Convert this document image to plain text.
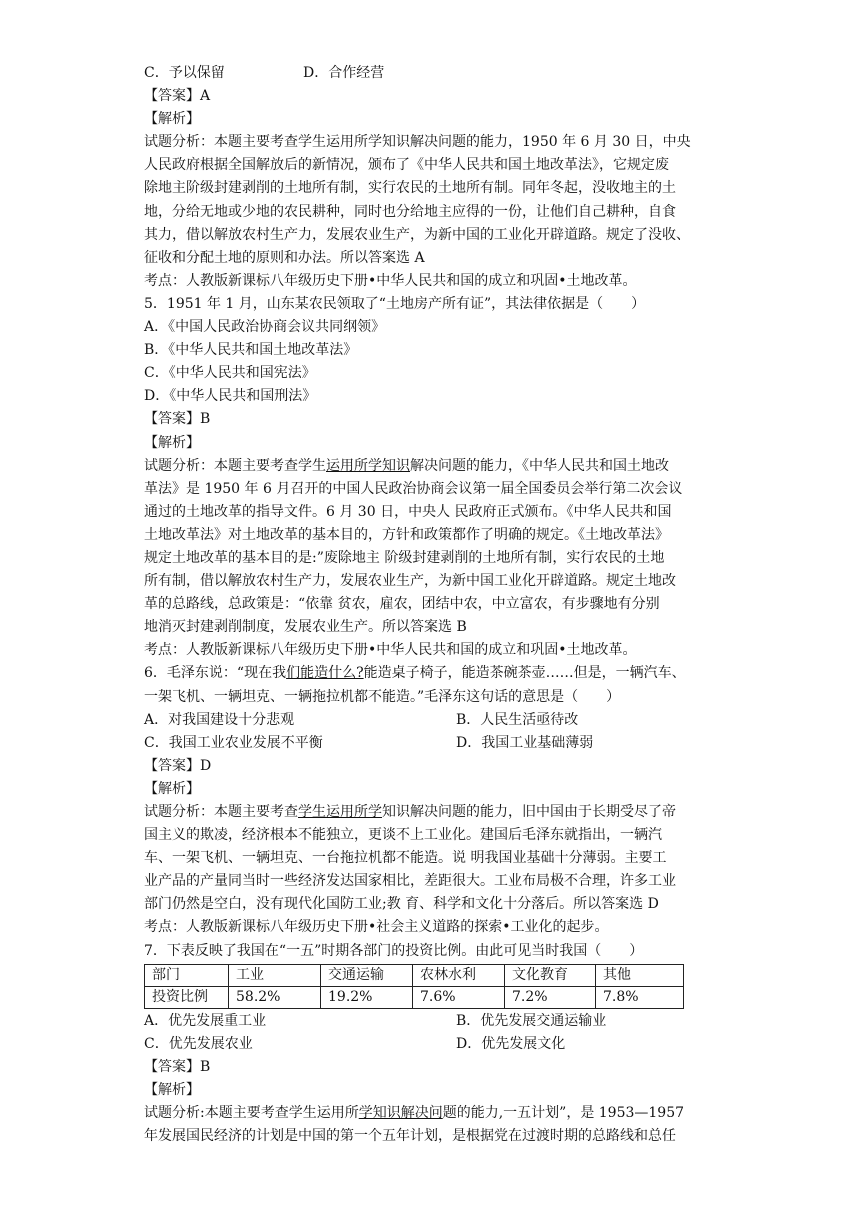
C．予以保留	D．合作经营

【答案】A

【解析】

试题分析：本题主要考查学生运用所学知识解决问题的能力，1950 年 6 月 30 日，中央

人民政府根据全国解放后的新情况，颁布了《中华人民共和国土地改革法》，它规定废

除地主阶级封建剥削的土地所有制，实行农民的土地所有制。同年冬起，没收地主的土

地，分给无地或少地的农民耕种，同时也分给地主应得的一份，让他们自己耕种，自食

其力，借以解放农村生产力，发展农业生产，为新中国的工业化开辟道路。规定了没收、

征收和分配土地的原则和办法。所以答案选 A

考点：人教版新课标八年级历史下册•中华人民共和国的成立和巩固•土地改革。

5．1951 年 1 月，山东某农民领取了“土地房产所有证”，其法律依据是（　　）

A．《中国人民政治协商会议共同纲领》

B．《中华人民共和国土地改革法》

C．《中华人民共和国宪法》

D．《中华人民共和国刑法》

【答案】B

【解析】

试题分析：本题主要考查学生运用所学知识解决问题的能力，《中华人民共和国土地改

革法》是 1950 年 6 月召开的中国人民政治协商会议第一届全国委员会举行第二次会议

通过的土地改革的指导文件。6 月 30 日，中央人 民政府正式颁布。《中华人民共和国

土地改革法》对土地改革的基本目的，方针和政策都作了明确的规定。《土地改革法》

规定土地改革的基本目的是:”废除地主 阶级封建剥削的土地所有制，实行农民的土地

所有制，借以解放农村生产力，发展农业生产，为新中国工业化开辟道路。规定土地改

革的总路线，总政策是：“依靠 贫农，雇农，团结中农，中立富农，有步骤地有分别

地消灭封建剥削制度，发展农业生产。所以答案选 B

考点：人教版新课标八年级历史下册•中华人民共和国的成立和巩固•土地改革。

6．毛泽东说：“现在我们能造什么?能造桌子椅子，能造茶碗茶壶……但是，一辆汽车、

一架飞机、一辆坦克、一辆拖拉机都不能造。”毛泽东这句话的意思是（　　）

A．对我国建设十分悲观	B．人民生活亟待改
C．我国工业农业发展不平衡	D．我国工业基础薄弱

【答案】D

【解析】

试题分析：本题主要考查学生运用所学知识解决问题的能力，旧中国由于长期受尽了帝

国主义的欺凌，经济根本不能独立，更谈不上工业化。建国后毛泽东就指出，一辆汽

车、一架飞机、一辆坦克、一台拖拉机都不能造。说 明我国业基础十分薄弱。主要工

业产品的产量同当时一些经济发达国家相比，差距很大。工业布局极不合理，许多工业

部门仍然是空白，没有现代化国防工业;教 育、科学和文化十分落后。所以答案选 D

考点：人教版新课标八年级历史下册•社会主义道路的探索•工业化的起步。

7．下表反映了我国在“一五”时期各部门的投资比例。由此可见当时我国（　　）

部门	工业	交通运输	农林水利	文化教育	其他
投资比例	58.2%	19.2%	7.6%	7.2%	7.8%
A．优先发展重工业	B．优先发展交通运输业
C．优先发展农业	D．优先发展文化

【答案】B

【解析】

试题分析:本题主要考查学生运用所学知识解决问题的能力,一五计划”，是 1953—1957

年发展国民经济的计划是中国的第一个五年计划，是根据党在过渡时期的总路线和总任
